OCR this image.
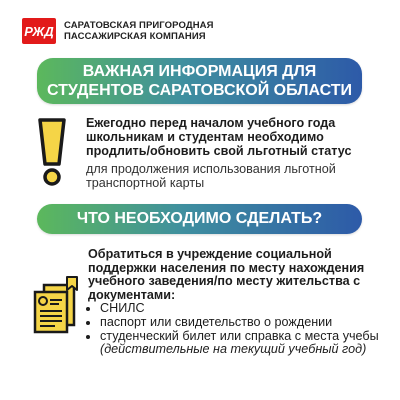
РЖД САРАТОВСКАЯ ПРИГОРОДНАЯ
ПАССАЖИРСКАЯ КОМПАНИЯ
ВАЖНАЯ ИНФОРМАЦИЯ ДЛЯ
СТУДЕНТОВ САРАТОВСКОЙ ОБЛАСТИ
Ежегодно перед началом учебного года школьникам и студентам необходимо продлить/обновить свой льготный статус
для продолжения использования льготной транспортной карты
ЧТО НЕОБХОДИМО СДЕЛАТЬ?
Обратиться в учреждение социальной поддержки населения по месту нахождения учебного заведения/по месту жительства с документами:
• СНИЛС
• паспорт или свидетельство о рождении
• студенческий билет или справка с места учебы (действительные на текущий учебный год)
